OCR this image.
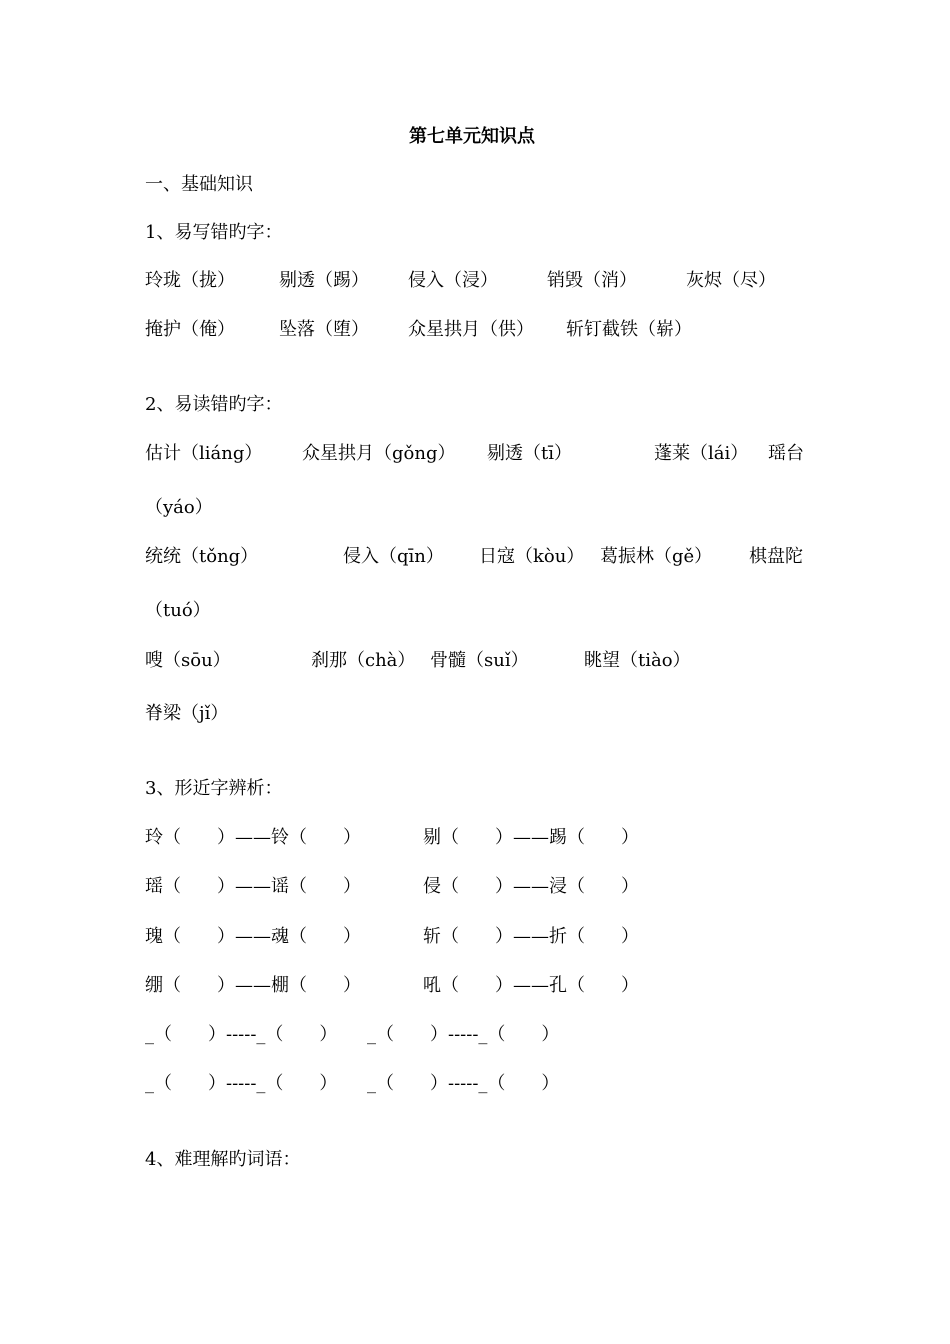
第七单元知识点
一、基础知识
1、易写错旳字：
玲珑（拢） 剔透（踢） 侵入（浸）	销毁（消）	灰烬（尽）
掩护（俺） 坠落（堕） 众星拱月（供） 斩钉截铁（崭）
2、易读错旳字：
估计（liáng） 众星拱月（gǒng） 剔透（tī）	蓬莱（lái） 瑶台
（yáo）
统统（tǒng）	侵入（qīn） 日寇（kòu） 葛振林（gě） 棋盘陀
（tuó）
嗖（sōu）	刹那（chà） 骨髓（suǐ）	眺望（tiào）
脊梁（jǐ）
3、形近字辨析：
玲（　　）——铃（　　）	剔（　　）——踢（　　）
瑶（　　）——谣（　　）	侵（　　）——浸（　　）
瑰（　　）——魂（　　）	斩（　　）——折（　　）
绷（　　）——棚（　　）	吼（　　）——孔（　　）
_（　　）-----_（　　） _（　　）-----_（　　）
_（　　）-----_（　　） _（　　）-----_（　　）
4、难理解旳词语：
